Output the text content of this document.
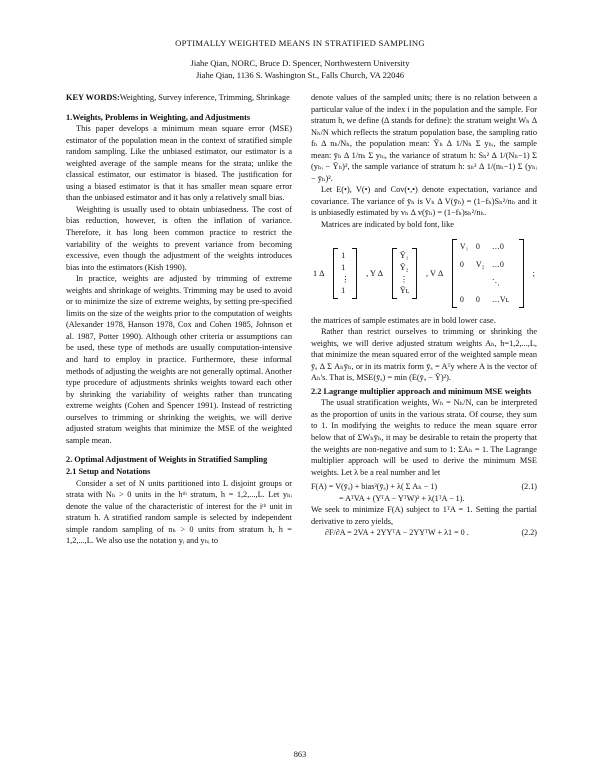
OPTIMALLY WEIGHTED MEANS IN STRATIFIED SAMPLING
Jiahe Qian, NORC, Bruce D. Spencer, Northwestern University
Jiahe Qian, 1136 S. Washington St., Falls Church, VA 22046

KEY WORDS:Weighting, Survey inference, Trimming, Shrinkage

1.Weights, Problems in Weighting, and Adjustments

This paper develops a minimum mean square error (MSE) estimator of the population mean in the context of stratified simple random sampling. Like the unbiased estimator, our estimator is a weighted average of the sample means for the strata; unlike the classical estimator, our estimator is biased. The justification for using a biased estimator is that it has smaller mean square error than the unbiased estimator and it has only a relatively small bias.

Weighting is usually used to obtain unbiasedness. The cost of bias reduction, however, is often the inflation of variance. Therefore, it has long been common practice to restrict the variability of the weights to prevent variance from becoming excessive, even though the adjustment of the weights introduces bias into the estimators (Kish 1990).

In practice, weights are adjusted by trimming of extreme weights and shrinkage of weights. Trimming may be used to avoid or to minimize the size of extreme weights, by setting pre-specified limits on the size of the weights prior to the computation of weights (Alexander 1978, Hanson 1978, Cox and Cohen 1985, Johnson et al. 1987, Potter 1990). Although other criteria or assumptions can be used, these type of methods are usually computation-intensive and hard to employ in practice. Furthermore, these informal methods of adjusting the weights are not generally optimal. Another type procedure of adjustments shrinks weights toward each other by shrinking the variability of weights rather than truncating extreme weights (Cohen and Spencer 1991). Instead of restricting ourselves to trimming or shrinking the weights, we will derive adjusted stratum weights that minimize the MSE of the weighted sample mean.

2. Optimal Adjustment of Weights in Stratified Sampling

2.1 Setup and Notations

Consider a set of N units partitioned into L disjoint groups or strata with Nₕ > 0 units in the hᵗʰ stratum, h = 1,2,...,L. Let yₕᵢ denote the value of the characteristic of interest for the iᵗʰ unit in stratum h. A stratified random sample is selected by independent simple random sampling of nₕ > 0 units from stratum h, h = 1,2,...,L. We also use the notation yᵢ and yₕᵢ to

denote values of the sampled units; there is no relation between a particular value of the index i in the population and the sample. For stratum h, we define (∆ stands for define): the stratum weight Wₕ ∆ Nₕ/N which reflects the stratum population base, the sampling ratio fₕ ∆ nₕ/Nₕ, the population mean: Ȳₕ ∆ 1/Nₕ Σ yₕᵢ, the sample mean: ȳₕ ∆ 1/nₕ Σ yₕᵢ, the variance of stratum h: Sₕ² ∆ 1/(Nₕ−1) Σ (yₕᵢ − Ȳₕ)², the sample variance of stratum h: sₕ² ∆ 1/(nₕ−1) Σ (yₕᵢ − ȳₕ)².

Let E(•), V(•) and Cov(•,•) denote expectation, variance and covariance. The variance of ȳₕ is Vₕ ∆ V(ȳₕ) = (1−fₕ)Sₕ²/nₕ and it is unbiasedly estimated by vₕ ∆ v(ȳₕ) = (1−fₕ)sₕ²/nₕ.

Matrices are indicated by bold font, like

1 ∆
1
1
⋮
1
, Y ∆
Ȳ₁
Ȳ₂
⋮
Ȳʟ
, V ∆
V₁ 0	… 0
0	V₂ … 0
⋱
0	0	… Vʟ
;

the matrices of sample estimates are in bold lower case.

Rather than restrict ourselves to trimming or shrinking the weights, we will derive adjusted stratum weights Aₕ, h=1,2,...,L, that minimize the mean squared error of the weighted sample mean ȳₐ ∆ Σ Aₕȳₕ, or in its matrix form ȳₐ = Aᵀy where A is the vector of Aₕ's. That is, MSE(ȳₐ) = min (E(ȳₐ − Ȳ)²).

2.2 Lagrange multiplier approach and minimum MSE weights

The usual stratification weights, Wₕ = Nₕ/N, can be interpreted as the proportion of units in the various strata. Of course, they sum to 1. In modifying the weights to reduce the mean square error below that of ΣWₕȳₕ, it may be desirable to retain the property that the weights are non-negative and sum to 1: ΣAₕ = 1. The Lagrange multiplier approach will be used to derive the minimum MSE weights. Let λ be a real number and let

F(A) = V(ȳₐ) + bias²(ȳₐ) + λ( Σ Aₕ − 1)	(2.1)
= AᵀVA + (YᵀA − YᵀW)² + λ(1ᵀA − 1).

We seek to minimize F(A) subject to 1ᵀA = 1. Setting the partial derivative to zero yields,

∂F/∂A = 2VA + 2YYᵀA − 2YYᵀW + λ1 = 0 .	(2.2)
863
